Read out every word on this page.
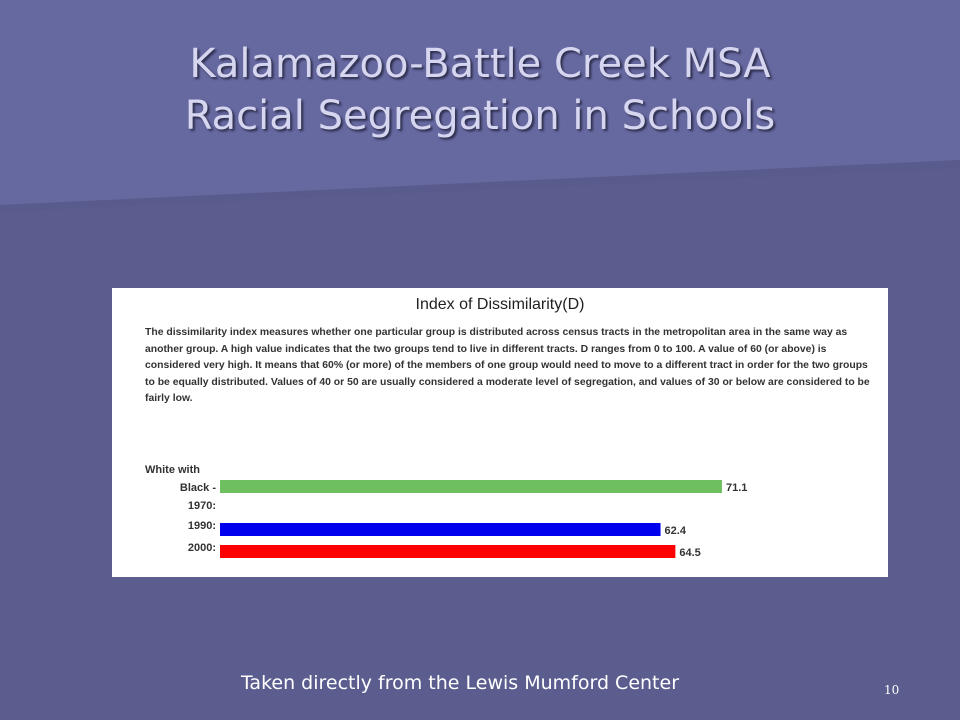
Kalamazoo-Battle Creek MSA
Racial Segregation in Schools
Index of Dissimilarity(D)
The dissimilarity index measures whether one particular group is distributed across census tracts in the metropolitan area in the same way as another group. A high value indicates that the two groups tend to live in different tracts. D ranges from 0 to 100. A value of 60 (or above) is considered very high. It means that 60% (or more) of the members of one group would need to move to a different tract in order for the two groups to be equally distributed. Values of 40 or 50 are usually considered a moderate level of segregation, and values of 30 or below are considered to be fairly low.
White with
Black -	71.1
1970:
62.4
1990:
64.5
2000:
Taken directly from the Lewis Mumford Center	10
